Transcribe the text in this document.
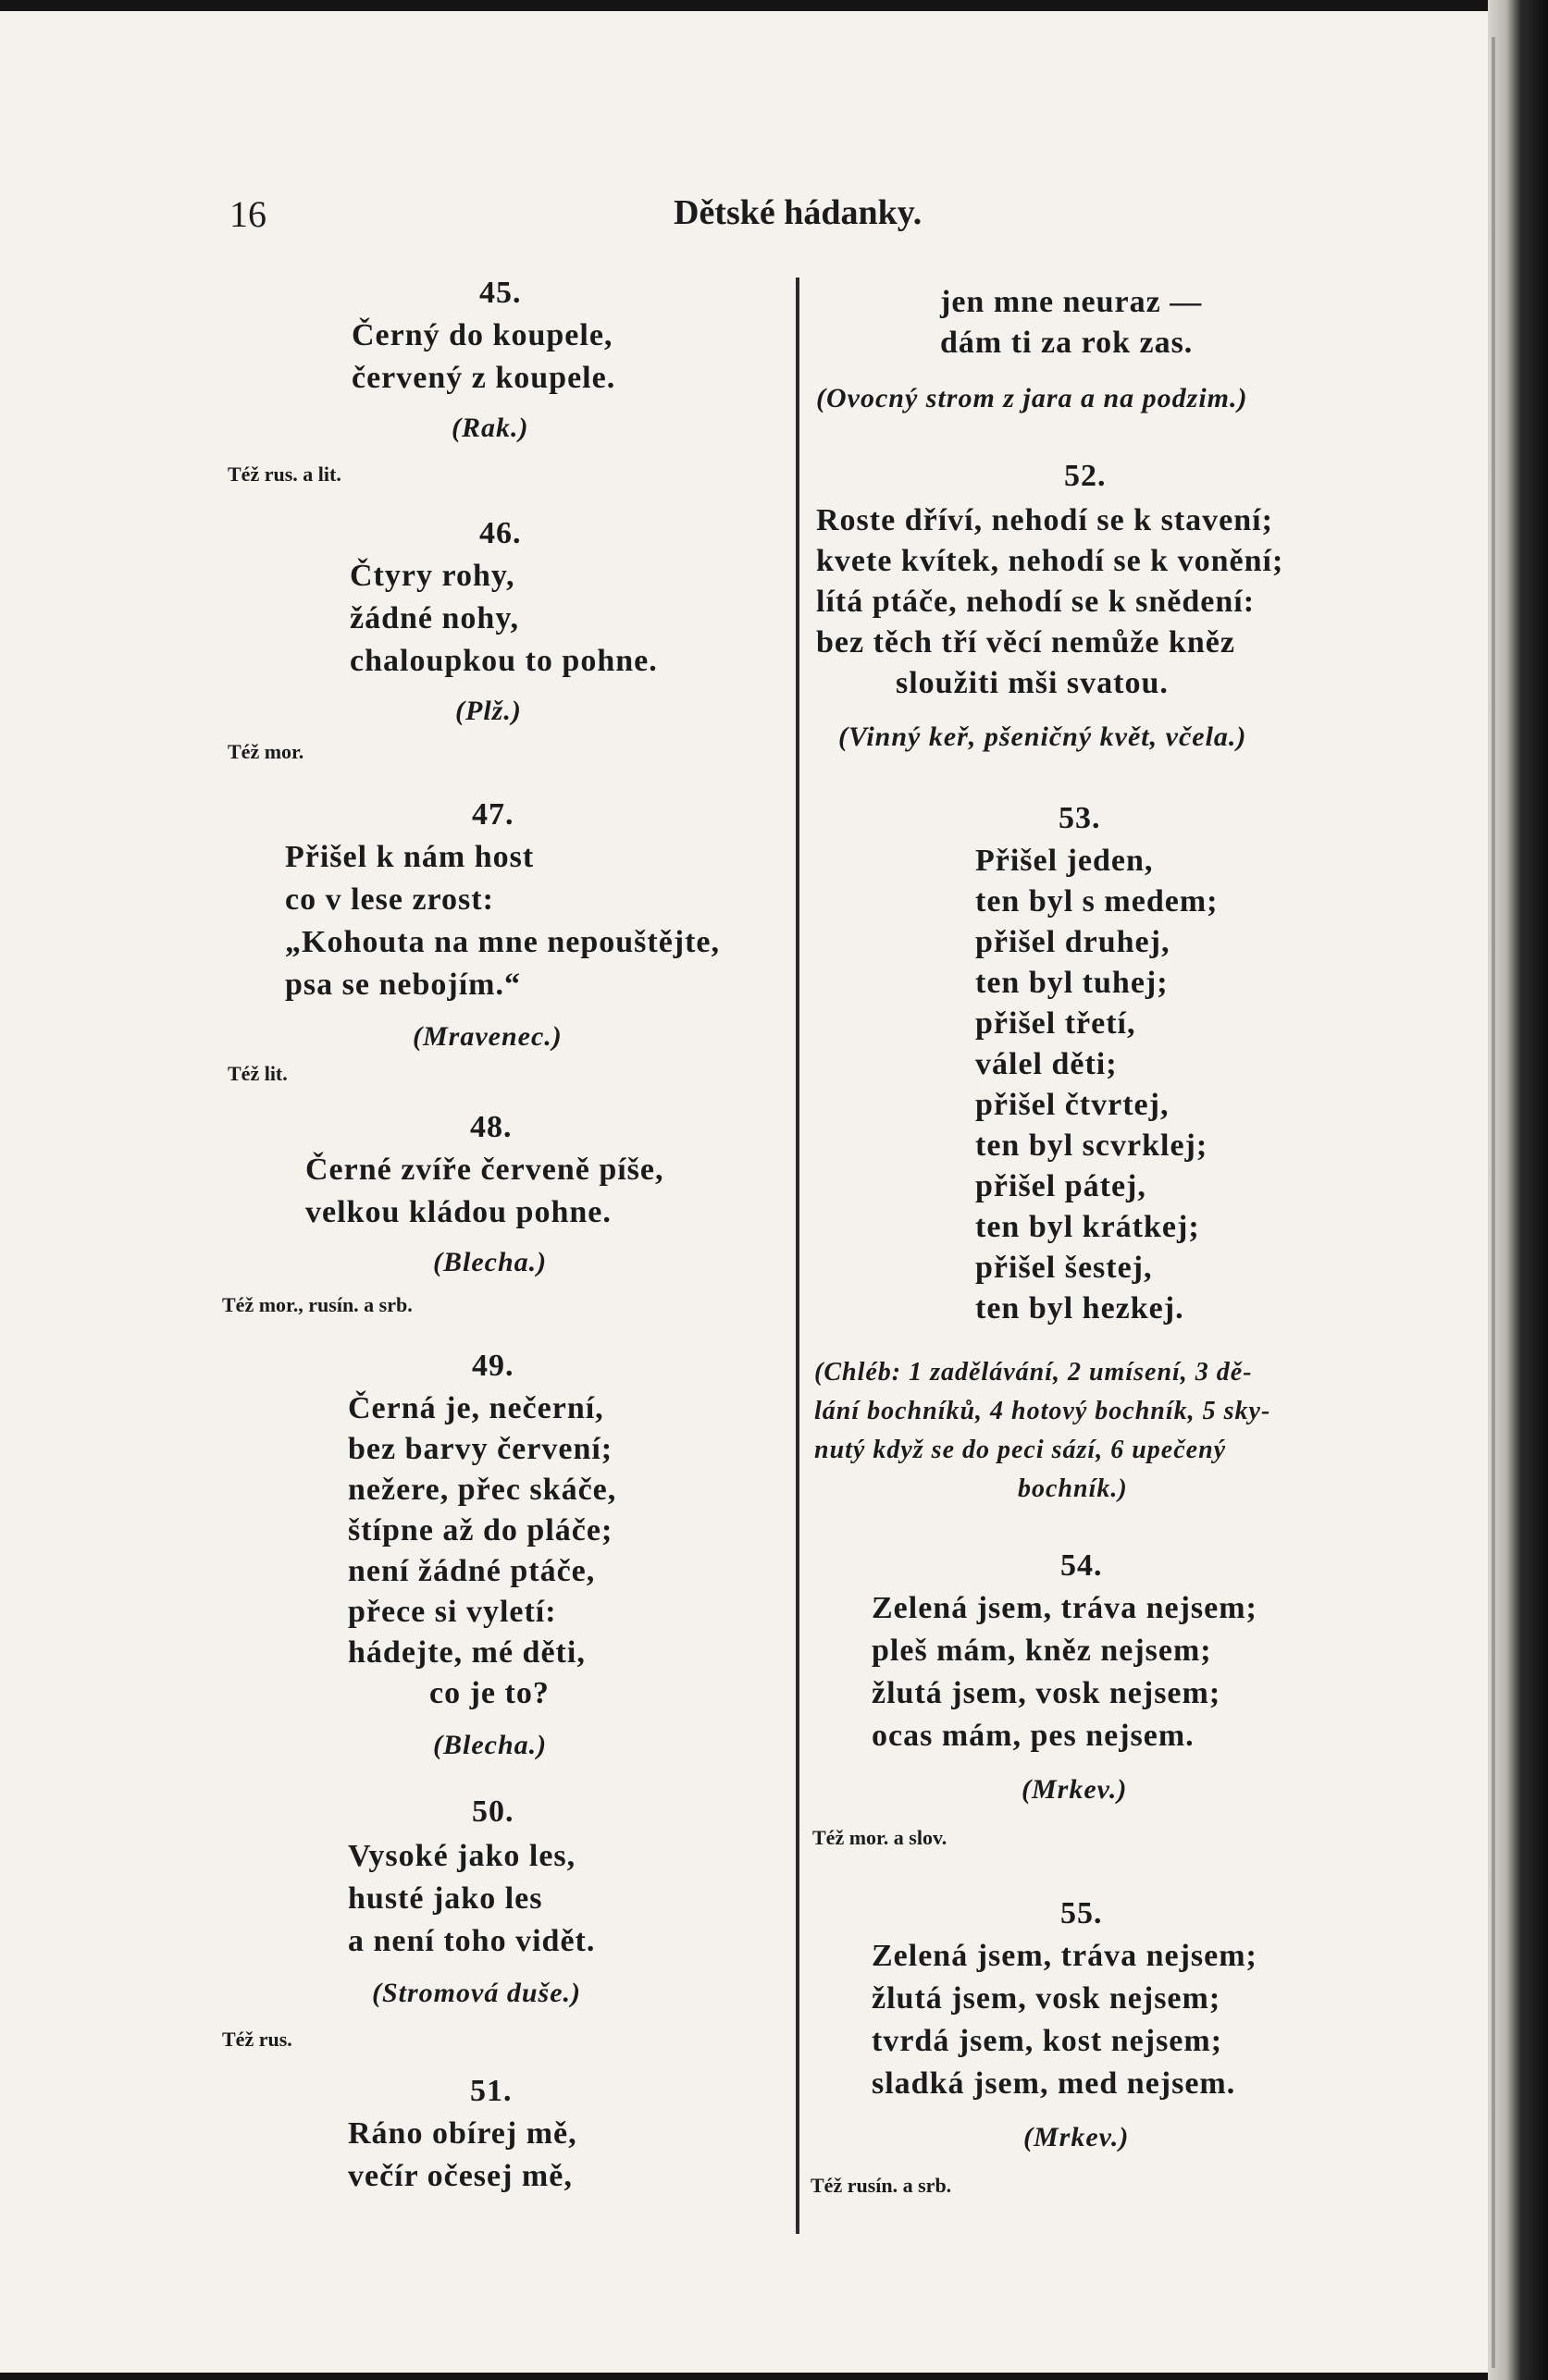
16	Dětské hádanky.
45.
Černý do koupele,
červený z koupele.
(Rak.)
Též rus. a lit.
46.
Čtyry rohy,
žádné nohy,
chaloupkou to pohne.
(Plž.)
Též mor.
47.
Přišel k nám host
co v lese zrost:
„Kohouta na mne nepouštějte,
psa se nebojím.“
(Mravenec.)
Též lit.
48.
Černé zvíře červeně píše,
velkou kládou pohne.
(Blecha.)
Též mor., rusín. a srb.
49.
Černá je, nečerní,
bez barvy červení;
nežere, přec skáče,
štípne až do pláče;
není žádné ptáče,
přece si vyletí:
hádejte, mé děti,
co je to?
(Blecha.)
50.
Vysoké jako les,
husté jako les
a není toho vidět.
(Stromová duše.)
Též rus.
51.
Ráno obírej mě,
večír očesej mě,
jen mne neuraz —
dám ti za rok zas.
(Ovocný strom z jara a na podzim.)
52.
Roste dříví, nehodí se k stavení;
kvete kvítek, nehodí se k vonění;
lítá ptáče, nehodí se k snědení:
bez těch tří věcí nemůže kněz
sloužiti mši svatou.
(Vinný keř, pšeničný květ, včela.)
53.
Přišel jeden,
ten byl s medem;
přišel druhej,
ten byl tuhej;
přišel třetí,
válel děti;
přišel čtvrtej,
ten byl scvrklej;
přišel pátej,
ten byl krátkej;
přišel šestej,
ten byl hezkej.
(Chléb: 1 zadělávání, 2 umísení, 3 dě-
lání bochníků, 4 hotový bochník, 5 sky-
nutý když se do peci sází, 6 upečený
bochník.)
54.
Zelená jsem, tráva nejsem;
pleš mám, kněz nejsem;
žlutá jsem, vosk nejsem;
ocas mám, pes nejsem.
(Mrkev.)
Též mor. a slov.
55.
Zelená jsem, tráva nejsem;
žlutá jsem, vosk nejsem;
tvrdá jsem, kost nejsem;
sladká jsem, med nejsem.
(Mrkev.)
Též rusín. a srb.
